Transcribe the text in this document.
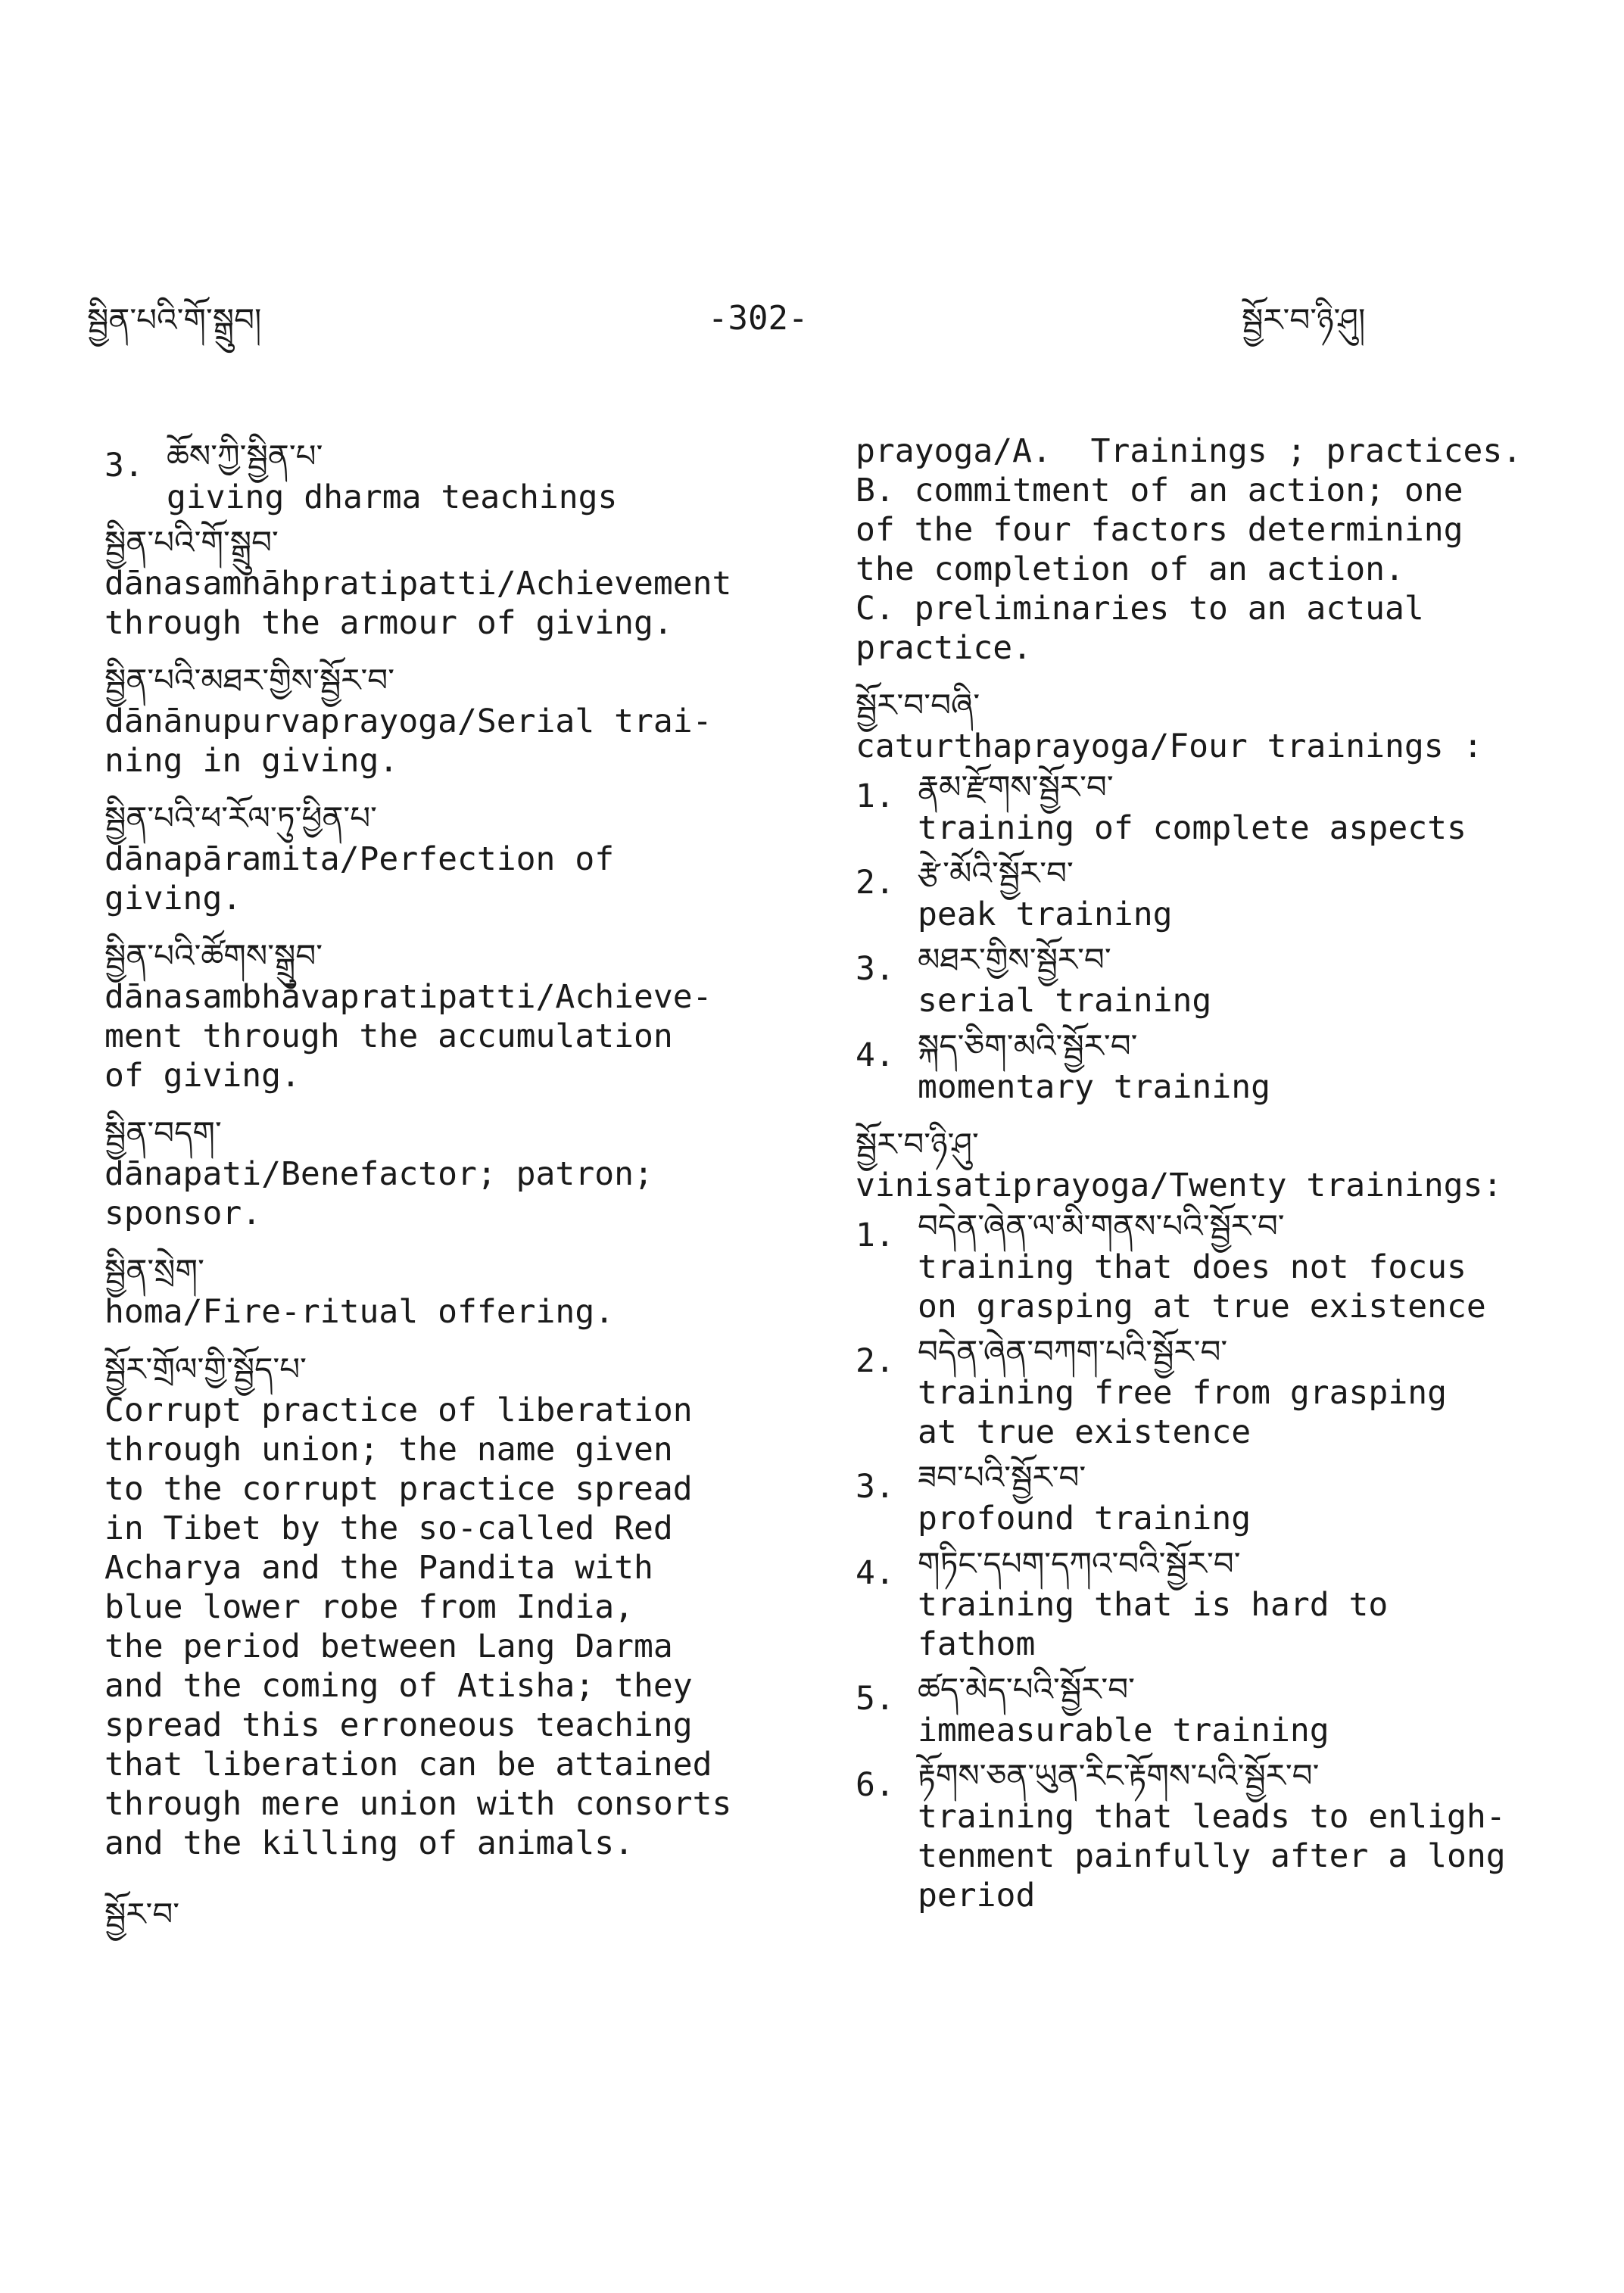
སྦྱིན་པའི་གོ་སྒྲུབ།	-302-	སྦྱོར་བ་ཉི་ཤུ།
3. ཆོས་ཀྱི་སྦྱིན་པ་
giving dharma teachings
སྦྱིན་པའི་གོ་སྒྲུབ་
dānasamnāhpratipatti/Achievement
through the armour of giving.
སྦྱིན་པའི་མཐར་གྱིས་སྦྱོར་བ་
dānānupurvaprayoga/Serial trai-
ning in giving.
སྦྱིན་པའི་ཕ་རོལ་ཏུ་ཕྱིན་པ་
dānapāramita/Perfection of
giving.
སྦྱིན་པའི་ཚོགས་སྒྲུབ་
dānasambhāvapratipatti/Achieve-
ment through the accumulation
of giving.
སྦྱིན་བདག་
dānapati/Benefactor; patron;
sponsor.
སྦྱིན་སྲེག་
homa/Fire-ritual offering.
སྦྱོར་གྲོལ་གྱི་སྦྱོད་པ་
Corrupt practice of liberation
through union; the name given
to the corrupt practice spread
in Tibet by the so-called Red
Acharya and the Pandita with
blue lower robe from India,
the period between Lang Darma
and the coming of Atisha; they
spread this erroneous teaching
that liberation can be attained
through mere union with consorts
and the killing of animals.
སྦྱོར་བ་
prayoga/A.  Trainings ; practices.
B. commitment of an action; one
of the four factors determining
the completion of an action.
C. preliminaries to an actual
practice.
སྦྱོར་བ་བཞི་
caturthaprayoga/Four trainings :
1. རྣམ་རྫོགས་སྦྱོར་བ་
training of complete aspects
2. རྩེ་མོའི་སྦྱོར་བ་
peak training
3. མཐར་གྱིས་སྦྱོར་བ་
serial training
4. སྐད་ཅིག་མའི་སྦྱོར་བ་
momentary training
སྦྱོར་བ་ཉི་ཤུ་
vinisatiprayoga/Twenty trainings:
1. བདེན་ཞེན་ལ་མི་གནས་པའི་སྦྱོར་བ་
training that does not focus
on grasping at true existence
2. བདེན་ཞེན་བཀག་པའི་སྦྱོར་བ་
training free from grasping
at true existence
3. ཟབ་པའི་སྦྱོར་བ་
profound training
4. གཏིང་དཔག་དཀའ་བའི་སྦྱོར་བ་
training that is hard to
fathom
5. ཚད་མེད་པའི་སྦྱོར་བ་
immeasurable training
6. རྟོགས་ཅན་ཡུན་རིང་རྟོགས་པའི་སྦྱོར་བ་
training that leads to enligh-
tenment painfully after a long
period
